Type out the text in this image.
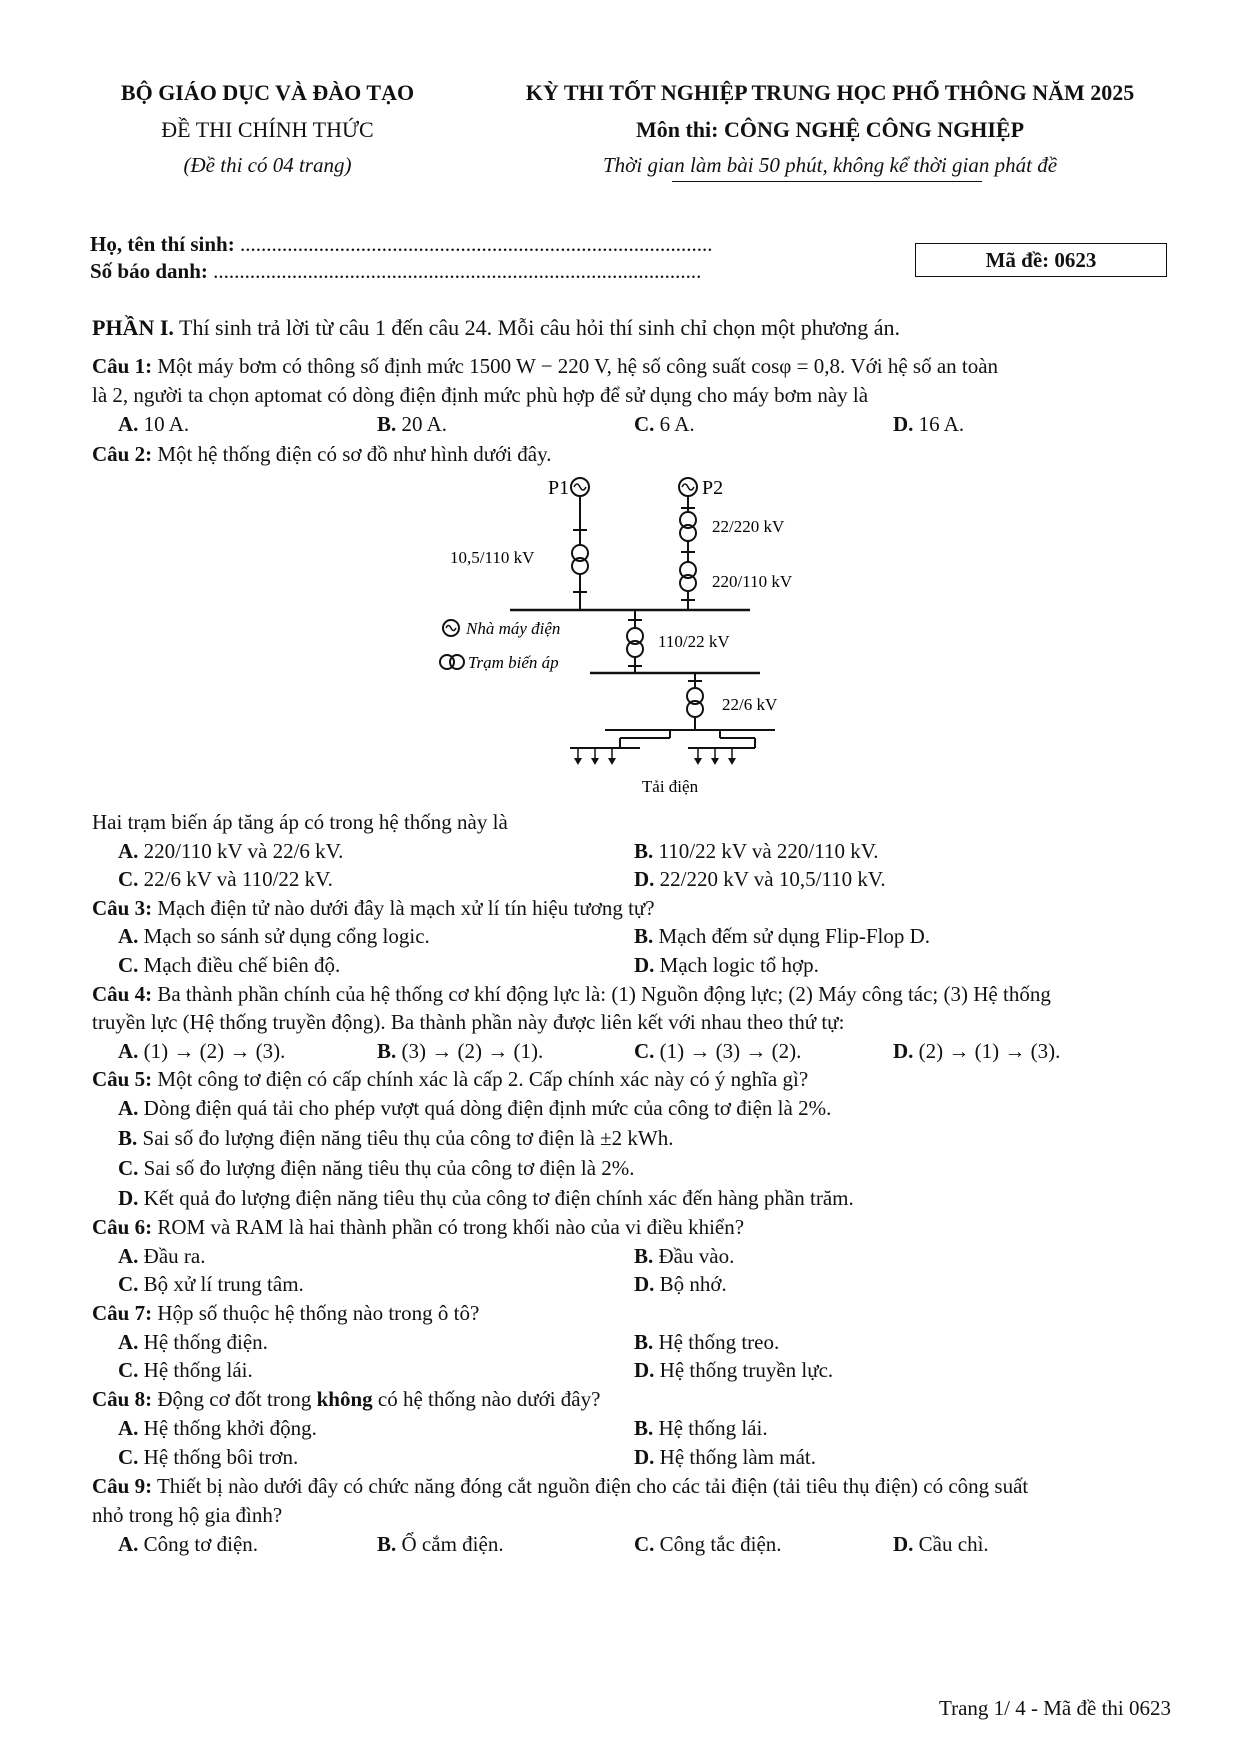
BỘ GIÁO DỤC VÀ ĐÀO TẠO
ĐỀ THI CHÍNH THỨC
(Đề thi có 04 trang)
KỲ THI TỐT NGHIỆP TRUNG HỌC PHỔ THÔNG NĂM 2025
Môn thi: CÔNG NGHỆ CÔNG NGHIỆP
Thời gian làm bài 50 phút, không kể thời gian phát đề
Họ, tên thí sinh: ..........................................................................................
Số báo danh: .............................................................................................	Mã đề: 0623
PHẦN I. Thí sinh trả lời từ câu 1 đến câu 24. Mỗi câu hỏi thí sinh chỉ chọn một phương án.
Câu 1: Một máy bơm có thông số định mức 1500 W − 220 V, hệ số công suất cosφ = 0,8. Với hệ số an toàn
là 2, người ta chọn aptomat có dòng điện định mức phù hợp để sử dụng cho máy bơm này là
A. 10 A.	B. 20 A.	C. 6 A.	D. 16 A.
Câu 2: Một hệ thống điện có sơ đồ như hình dưới đây.
P1	P2
10,5/110 kV
22/220 kV
220/110 kV
110/22 kV
22/6 kV
Nhà máy điện
Trạm biến áp
Tải điện
Hai trạm biến áp tăng áp có trong hệ thống này là
A. 220/110 kV và 22/6 kV.	B. 110/22 kV và 220/110 kV.
C. 22/6 kV và 110/22 kV.	D. 22/220 kV và 10,5/110 kV.
Câu 3: Mạch điện tử nào dưới đây là mạch xử lí tín hiệu tương tự?
A. Mạch so sánh sử dụng cổng logic.	B. Mạch đếm sử dụng Flip-Flop D.
C. Mạch điều chế biên độ.	D. Mạch logic tổ hợp.
Câu 4: Ba thành phần chính của hệ thống cơ khí động lực là: (1) Nguồn động lực; (2) Máy công tác; (3) Hệ thống
truyền lực (Hệ thống truyền động). Ba thành phần này được liên kết với nhau theo thứ tự:
A. (1) → (2) → (3).	B. (3) → (2) → (1).	C. (1) → (3) → (2).	D. (2) → (1) → (3).
Câu 5: Một công tơ điện có cấp chính xác là cấp 2. Cấp chính xác này có ý nghĩa gì?
A. Dòng điện quá tải cho phép vượt quá dòng điện định mức của công tơ điện là 2%.
B. Sai số đo lượng điện năng tiêu thụ của công tơ điện là ±2 kWh.
C. Sai số đo lượng điện năng tiêu thụ của công tơ điện là 2%.
D. Kết quả đo lượng điện năng tiêu thụ của công tơ điện chính xác đến hàng phần trăm.
Câu 6: ROM và RAM là hai thành phần có trong khối nào của vi điều khiển?
A. Đầu ra.	B. Đầu vào.
C. Bộ xử lí trung tâm.	D. Bộ nhớ.
Câu 7: Hộp số thuộc hệ thống nào trong ô tô?
A. Hệ thống điện.	B. Hệ thống treo.
C. Hệ thống lái.	D. Hệ thống truyền lực.
Câu 8: Động cơ đốt trong không có hệ thống nào dưới đây?
A. Hệ thống khởi động.	B. Hệ thống lái.
C. Hệ thống bôi trơn.	D. Hệ thống làm mát.
Câu 9: Thiết bị nào dưới đây có chức năng đóng cắt nguồn điện cho các tải điện (tải tiêu thụ điện) có công suất
nhỏ trong hộ gia đình?
A. Công tơ điện.	B. Ổ cắm điện.	C. Công tắc điện.	D. Cầu chì.
Trang 1/ 4 - Mã đề thi 0623
